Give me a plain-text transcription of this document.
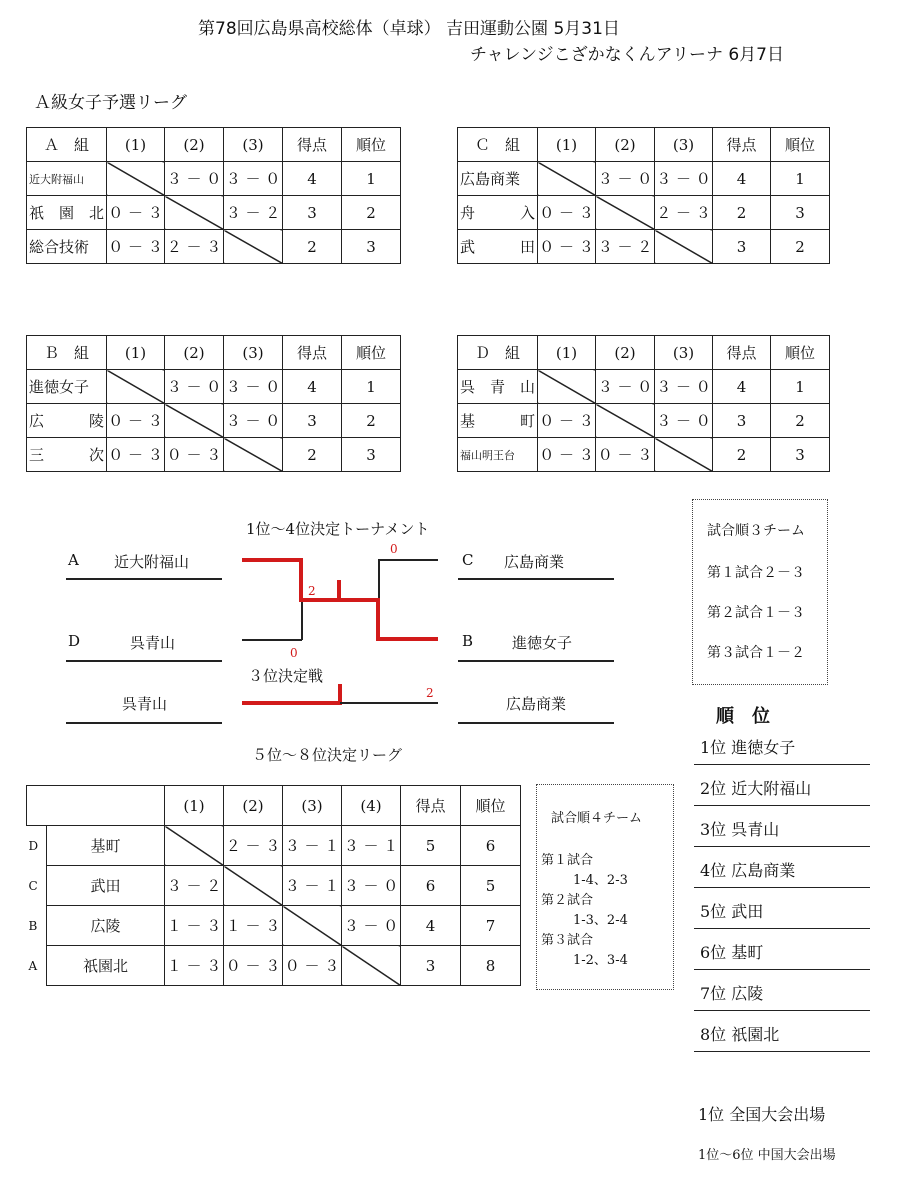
第78回広島県高校総体（卓球） 吉田運動公園 5月31日
チャレンジこざかなくんアリーナ 6月7日
Ａ級女子予選リーグ
Ａ　組	(1)	(2)	(3)	得点	順位
近大附福山		３ － ０	３ － ０	4	1
祇　園　北	０ － ３		３ － ２	3	2
総合技術	０ － ３	２ － ３		2	3
Ｃ　組	(1)	(2)	(3)	得点	順位
広島商業		３ － ０	３ － ０	4	1
舟　　　入	０ － ３		２ － ３	2	3
武　　　田	０ － ３	３ － ２		3	2
Ｂ　組	(1)	(2)	(3)	得点	順位
進徳女子		３ － ０	３ － ０	4	1
広　　　陵	０ － ３		３ － ０	3	2
三　　　次	０ － ３	０ － ３		2	3
Ｄ　組	(1)	(2)	(3)	得点	順位
呉　青　山		３ － ０	３ － ０	4	1
基　　　町	０ － ３		３ － ０	3	2
福山明王台	０ － ３	０ － ３		2	3
1位～4位決定トーナメント
A 近大附福山
D	呉青山
C 広島商業
B	進徳女子
0
2
0
３位決定戦
呉青山	広島商業
2
試合順３チーム
第１試合２－３
第２試合１－３
第３試合１－２
５位～８位決定リーグ
		(1)	(2)	(3)	(4)	得点	順位
D	基町		２ － ３	３ － １	３ － １	5	6
C	武田	３ － ２		３ － １	３ － ０	6	5
B	広陵	１ － ３	１ － ３		３ － ０	4	7
A	祇園北	１ － ３	０ － ３	０ － ３		3	8
試合順４チーム
第１試合
1-4、2-3
第２試合
1-3、2-4
第３試合
1-2、3-4
順　位
1位 進徳女子
2位 近大附福山
3位 呉青山
4位 広島商業
5位 武田
6位 基町
7位 広陵
8位 祇園北
1位 全国大会出場
1位～6位 中国大会出場
